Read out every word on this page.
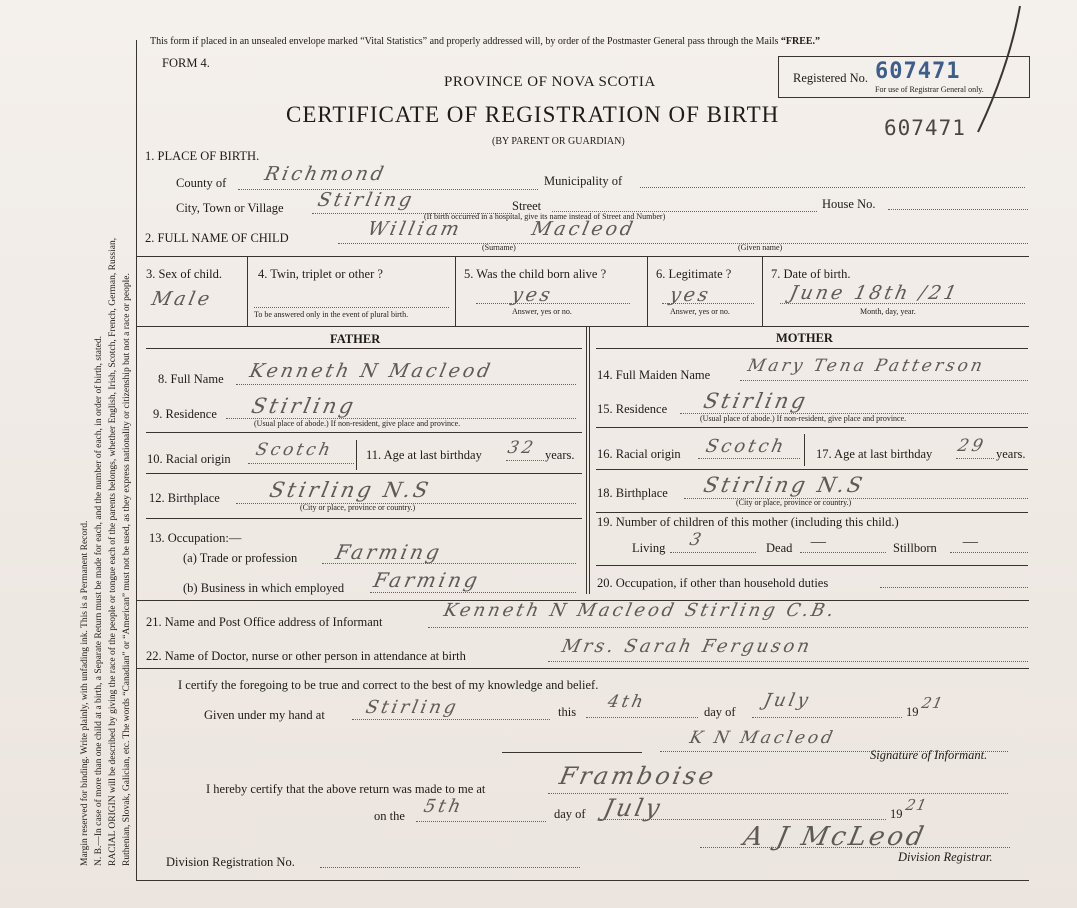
Margin reserved for binding. Write plainly, with unfading ink. This is a Permanent Record. N. B.—In case of more than one child at a birth, a Separate Return must be made for each, and the number of each, in order of birth, stated. RACIAL ORIGIN will be described by giving the race of the people or tongue each of the parents belongs, whether English, Irish, Scotch, French, German, Russian, Ruthenian, Slovak, Galician, etc. The words “Canadian” or “American” must not be used, as they express nationality or citizenship but not a race or people.
This form if placed in an unsealed envelope marked “Vital Statistics” and properly addressed will, by order of the Postmaster General pass through the Mails “FREE.”
FORM 4.
PROVINCE OF NOVA SCOTIA
CERTIFICATE OF REGISTRATION OF BIRTH
(BY PARENT OR GUARDIAN)
Registered No. 607471
For use of Registrar General only.
607471
1. PLACE OF BIRTH.
County of Richmond	Municipality of
City, Town or Village Stirling	Street
(If birth occurred in a hospital, give its name instead of Street and Number)
House No.
2. FULL NAME OF CHILD	William	Macleod
(Surname)	(Given name)
3. Sex of child.
Male
4. Twin, triplet or other ?
To be answered only in the event of plural birth.
5. Was the child born alive ?
yes
Answer, yes or no.
6. Legitimate ?
yes
Answer, yes or no.
7. Date of birth.
June 18th /21
Month, day, year.
FATHER	MOTHER
8. Full Name Kenneth N Macleod
9. Residence Stirling
(Usual place of abode.) If non-resident, give place and province.
10. Racial origin Scotch 11. Age at last birthday 32 years.
12. Birthplace Stirling N.S
(City or place, province or country.)
13. Occupation:—
(a) Trade or profession Farming
(b) Business in which employed Farming
14. Full Maiden Name Mary Tena Patterson
15. Residence Stirling
(Usual place of abode.) If non-resident, give place and province.
16. Racial origin Scotch 17. Age at last birthday 29 years.
18. Birthplace Stirling N.S
(City or place, province or country.)
19. Number of children of this mother (including this child.)
Living 3	Dead —	Stillborn —
20. Occupation, if other than household duties
21. Name and Post Office address of Informant
Kenneth N Macleod Stirling C.B.
22. Name of Doctor, nurse or other person in attendance at birth	Mrs. Sarah Ferguson
I certify the foregoing to be true and correct to the best of my knowledge and belief.
Given under my hand at Stirling	this 4th	day of
July
19 21
K N Macleod
Signature of Informant.
I hereby certify that the above return was made to me at	Framboise
on the 5th	day of July	19 21
Division Registration No.
A J McLeod
Division Registrar.
